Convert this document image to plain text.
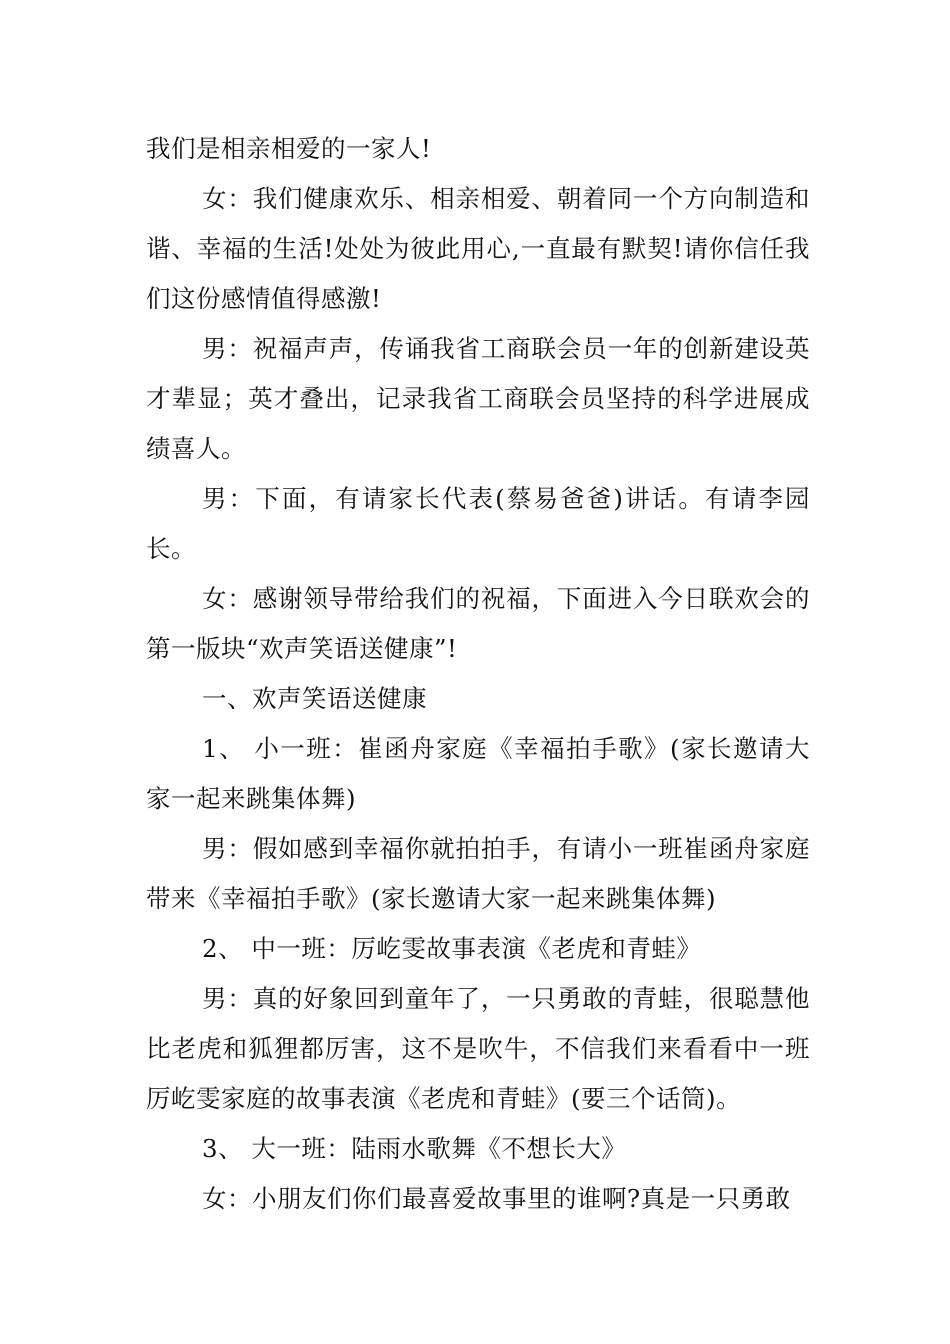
我们是相亲相爱的一家人!

女：我们健康欢乐、相亲相爱、朝着同一个方向制造和谐、幸福的生活!处处为彼此用心,一直最有默契!请你信任我们这份感情值得感激!

男：祝福声声，传诵我省工商联会员一年的创新建设英才辈显；英才叠出，记录我省工商联会员坚持的科学进展成绩喜人。

男：下面，有请家长代表(蔡易爸爸)讲话。有请李园长。

女：感谢领导带给我们的祝福，下面进入今日联欢会的第一版块“欢声笑语送健康”!

一、欢声笑语送健康

1、 小一班：崔函舟家庭《幸福拍手歌》(家长邀请大家一起来跳集体舞)

男：假如感到幸福你就拍拍手，有请小一班崔函舟家庭带来《幸福拍手歌》(家长邀请大家一起来跳集体舞)

2、 中一班：厉屹雯故事表演《老虎和青蛙》

男：真的好象回到童年了，一只勇敢的青蛙，很聪慧他比老虎和狐狸都厉害，这不是吹牛，不信我们来看看中一班厉屹雯家庭的故事表演《老虎和青蛙》(要三个话筒)。

3、 大一班：陆雨水歌舞《不想长大》

女：小朋友们你们最喜爱故事里的谁啊?真是一只勇敢
